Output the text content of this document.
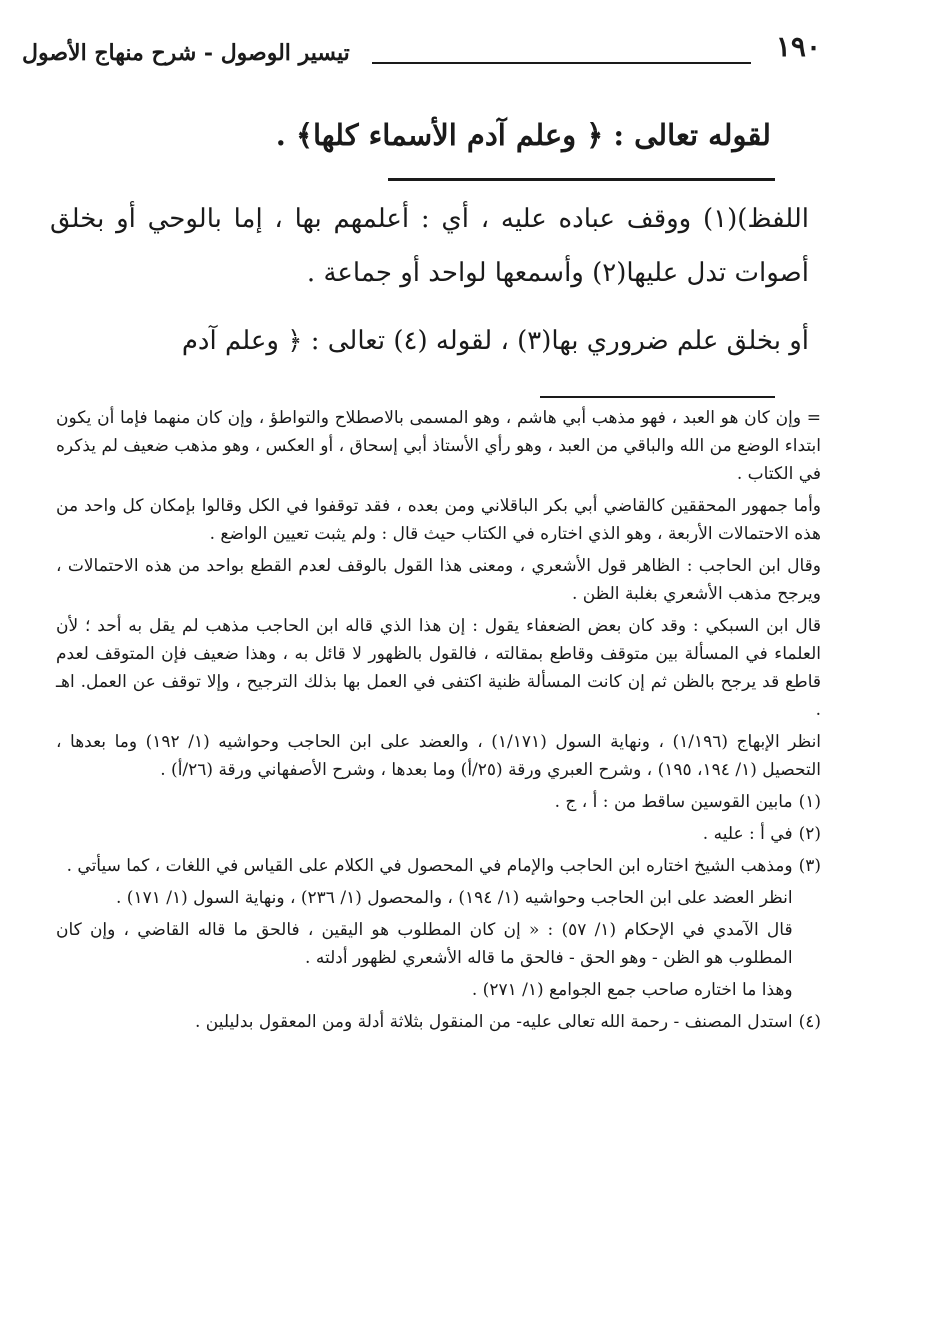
١٩٠
تيسير الوصول - شرح منهاج الأصول
لقوله تعالى : ﴿ وعلم آدم الأسماء كلها﴾ .

اللفظ)(١) ووقف عباده عليه ، أي : أعلمهم بها ، إما بالوحي أو بخلق أصوات تدل عليها(٢) وأسمعها لواحد أو جماعة .

أو بخلق علم ضروري بها(٣) ، لقوله (٤) تعالى : ﴿ وعلم آدم

= وإن كان هو العبد ، فهو مذهب أبي هاشم ، وهو المسمى بالاصطلاح والتواطؤ ، وإن كان منهما فإما أن يكون ابتداء الوضع من الله والباقي من العبد ، وهو رأي الأستاذ أبي إسحاق ، أو العكس ، وهو مذهب ضعيف لم يذكره في الكتاب .

وأما جمهور المحققين كالقاضي أبي بكر الباقلاني ومن بعده ، فقد توقفوا في الكل وقالوا بإمكان كل واحد من هذه الاحتمالات الأربعة ، وهو الذي اختاره في الكتاب حيث قال : ولم يثبت تعيين الواضع .

وقال ابن الحاجب : الظاهر قول الأشعري ، ومعنى هذا القول بالوقف لعدم القطع بواحد من هذه الاحتمالات ، ويرجح مذهب الأشعري بغلبة الظن .

قال ابن السبكي : وقد كان بعض الضعفاء يقول : إن هذا الذي قاله ابن الحاجب مذهب لم يقل به أحد ؛ لأن العلماء في المسألة بين متوقف وقاطع بمقالته ، فالقول بالظهور لا قائل به ، وهذا ضعيف فإن المتوقف لعدم قاطع قد يرجح بالظن ثم إن كانت المسألة ظنية اكتفى في العمل بها بذلك الترجيح ، وإلا توقف عن العمل. اهـ .

انظر الإبهاج (١/١٩٦) ، ونهاية السول (١/١٧١) ، والعضد على ابن الحاجب وحواشيه (١/ ١٩٢) وما بعدها ، التحصيل (١/ ١٩٤، ١٩٥) ، وشرح العبري ورقة (٢٥/أ) وما بعدها ، وشرح الأصفهاني ورقة (٢٦/أ) .

(١)

مابين القوسين ساقط من : أ ، ج .

(٢)

في أ : عليه .

(٣)

ومذهب الشيخ اختاره ابن الحاجب والإمام في المحصول في الكلام على القياس في اللغات ، كما سيأتي .

انظر العضد على ابن الحاجب وحواشيه (١/ ١٩٤) ، والمحصول (١/ ٢٣٦) ، ونهاية السول (١/ ١٧١) .

قال الآمدي في الإحكام (١/ ٥٧) : « إن كان المطلوب هو اليقين ، فالحق ما قاله القاضي ، وإن كان المطلوب هو الظن - وهو الحق - فالحق ما قاله الأشعري لظهور أدلته .

وهذا ما اختاره صاحب جمع الجوامع (١/ ٢٧١) .

(٤)

استدل المصنف - رحمة الله تعالى عليه- من المنقول بثلاثة أدلة ومن المعقول بدليلين .
